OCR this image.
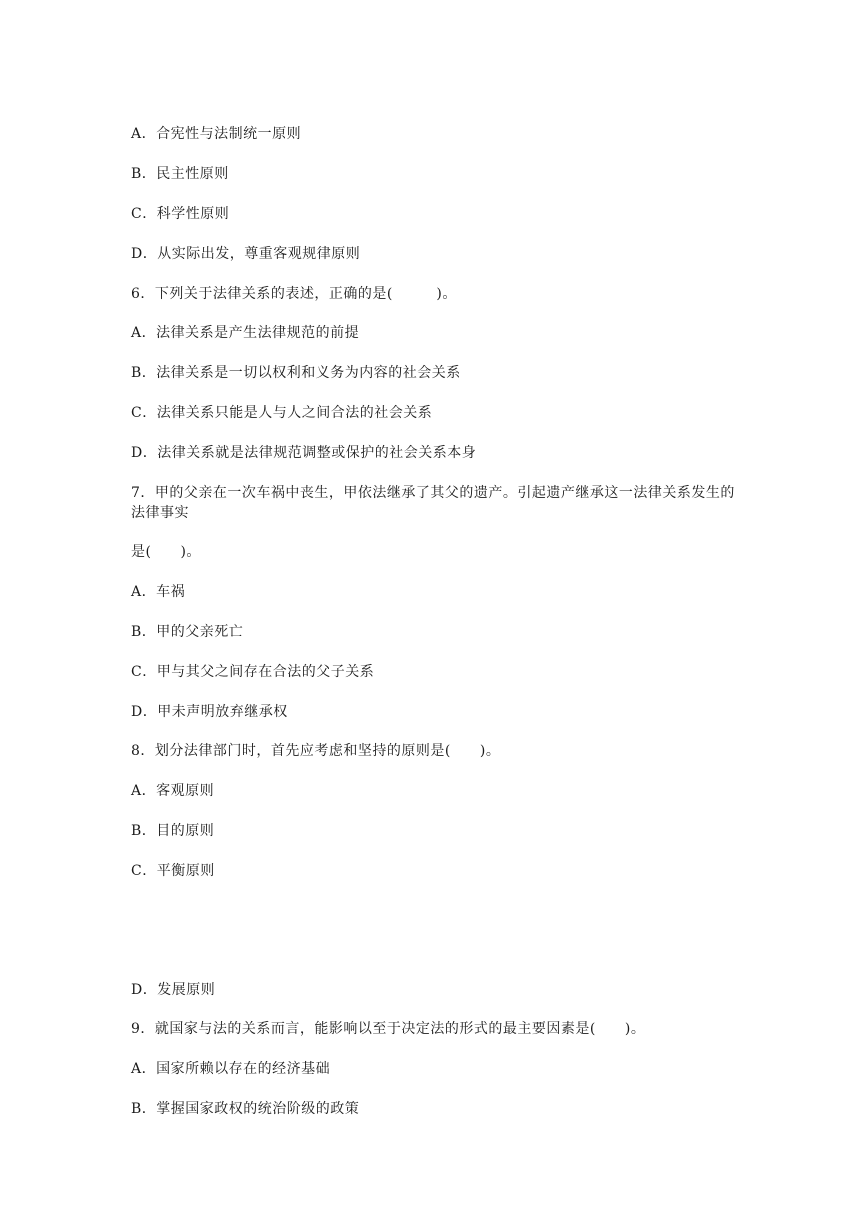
A．合宪性与法制统一原则

B．民主性原则

C．科学性原则

D．从实际出发，尊重客观规律原则

6．下列关于法律关系的表述，正确的是(　　　)。

A．法律关系是产生法律规范的前提

B．法律关系是一切以权利和义务为内容的社会关系

C．法律关系只能是人与人之间合法的社会关系

D．法律关系就是法律规范调整或保护的社会关系本身

7．甲的父亲在一次车祸中丧生，甲依法继承了其父的遗产。引起遗产继承这一法律关系发生的法律事实

是(　　)。

A．车祸

B．甲的父亲死亡

C．甲与其父之间存在合法的父子关系

D．甲未声明放弃继承权

8．划分法律部门时，首先应考虑和坚持的原则是(　　)。

A．客观原则

B．目的原则

C．平衡原则

D．发展原则

9．就国家与法的关系而言，能影响以至于决定法的形式的最主要因素是(　　)。

A．国家所赖以存在的经济基础

B．掌握国家政权的统治阶级的政策
